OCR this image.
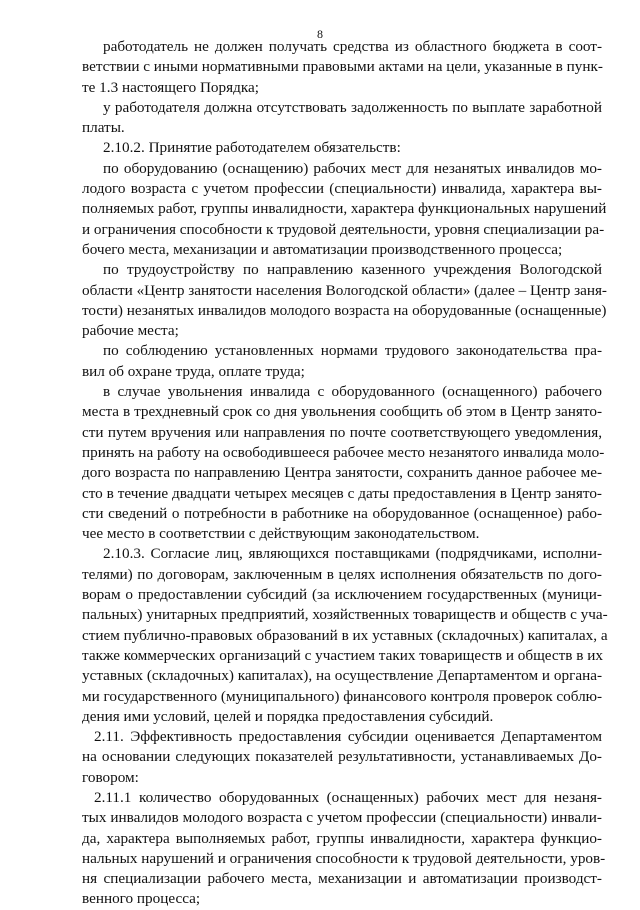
8
работодатель не должен получать средства из областного бюджета в соот-
ветствии с иными нормативными правовыми актами на цели, указанные в пунк-
те 1.3 настоящего Порядка;
у работодателя должна отсутствовать задолженность по выплате заработной
платы.
2.10.2. Принятие работодателем обязательств:
по оборудованию (оснащению) рабочих мест для незанятых инвалидов мо-
лодого возраста с учетом профессии (специальности) инвалида, характера вы-
полняемых работ, группы инвалидности, характера функциональных нарушений
и ограничения способности к трудовой деятельности, уровня специализации ра-
бочего места, механизации и автоматизации производственного процесса;
по трудоустройству по направлению казенного учреждения Вологодской
области «Центр занятости населения Вологодской области» (далее – Центр заня-
тости) незанятых инвалидов молодого возраста на оборудованные (оснащенные)
рабочие места;
по соблюдению установленных нормами трудового законодательства пра-
вил об охране труда, оплате труда;
в случае увольнения инвалида с оборудованного (оснащенного) рабочего
места в трехдневный срок со дня увольнения сообщить об этом в Центр занято-
сти путем вручения или направления по почте соответствующего уведомления,
принять на работу на освободившееся рабочее место незанятого инвалида моло-
дого возраста по направлению Центра занятости, сохранить данное рабочее ме-
сто в течение двадцати четырех месяцев с даты предоставления в Центр занято-
сти сведений о потребности в работнике на оборудованное (оснащенное) рабо-
чее место в соответствии с действующим законодательством.
2.10.3. Согласие лиц, являющихся поставщиками (подрядчиками, исполни-
телями) по договорам, заключенным в целях исполнения обязательств по дого-
ворам о предоставлении субсидий (за исключением государственных (муници-
пальных) унитарных предприятий, хозяйственных товариществ и обществ с уча-
стием публично-правовых образований в их уставных (складочных) капиталах, а
также коммерческих организаций с участием таких товариществ и обществ в их
уставных (складочных) капиталах), на осуществление Департаментом и органа-
ми государственного (муниципального) финансового контроля проверок соблю-
дения ими условий, целей и порядка предоставления субсидий.
2.11. Эффективность предоставления субсидии оценивается Департаментом
на основании следующих показателей результативности, устанавливаемых До-
говором:
2.11.1 количество оборудованных (оснащенных) рабочих мест для незаня-
тых инвалидов молодого возраста с учетом профессии (специальности) инвали-
да, характера выполняемых работ, группы инвалидности, характера функцио-
нальных нарушений и ограничения способности к трудовой деятельности, уров-
ня специализации рабочего места, механизации и автоматизации производст-
венного процесса;
